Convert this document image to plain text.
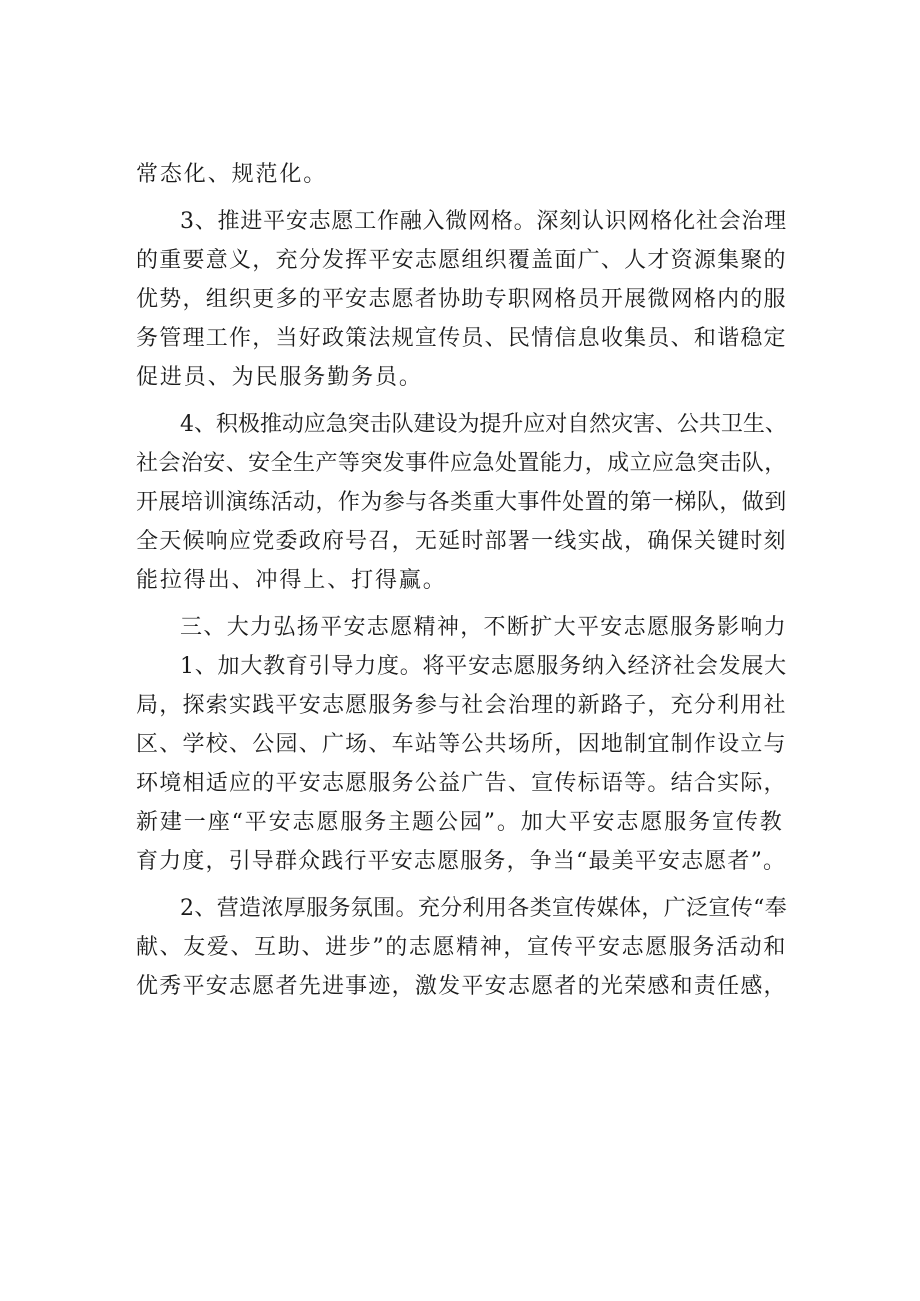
常态化、规范化。
3、推进平安志愿工作融入微网格。深刻认识网格化社会治理
的重要意义，充分发挥平安志愿组织覆盖面广、人才资源集聚的
优势，组织更多的平安志愿者协助专职网格员开展微网格内的服
务管理工作，当好政策法规宣传员、民情信息收集员、和谐稳定
促进员、为民服务勤务员。
4、积极推动应急突击队建设为提升应对自然灾害、公共卫生、
社会治安、安全生产等突发事件应急处置能力，成立应急突击队，
开展培训演练活动，作为参与各类重大事件处置的第一梯队，做到
全天候响应党委政府号召，无延时部署一线实战，确保关键时刻
能拉得出、冲得上、打得赢。
三、大力弘扬平安志愿精神，不断扩大平安志愿服务影响力
1、加大教育引导力度。将平安志愿服务纳入经济社会发展大
局，探索实践平安志愿服务参与社会治理的新路子，充分利用社
区、学校、公园、广场、车站等公共场所，因地制宜制作设立与
环境相适应的平安志愿服务公益广告、宣传标语等。结合实际，
新建一座“平安志愿服务主题公园”。加大平安志愿服务宣传教
育力度，引导群众践行平安志愿服务，争当“最美平安志愿者”。
2、营造浓厚服务氛围。充分利用各类宣传媒体，广泛宣传“奉
献、友爱、互助、进步”的志愿精神，宣传平安志愿服务活动和
优秀平安志愿者先进事迹，激发平安志愿者的光荣感和责任感，
